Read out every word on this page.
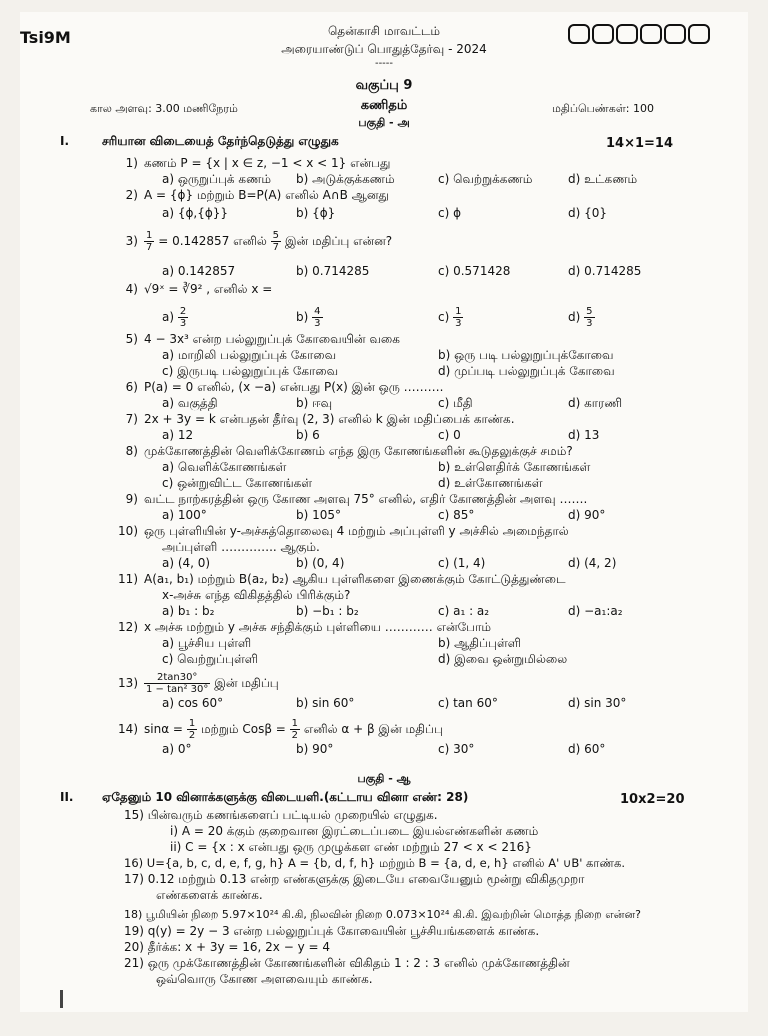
Tsi9M	தென்காசி மாவட்டம்
அரையாண்டுப் பொதுத்தேர்வு - 2024
-----
வகுப்பு 9
கால அளவு: 3.00 மணிநேரம்	கணிதம்	மதிப்பெண்கள்: 100
பகுதி - அ
I.	சரியான விடையைத் தேர்ந்தெடுத்து எழுதுக	14×1=14
1) கணம் P = {x | x ∈ z, −1 < x < 1} என்பது
a) ஒருறுப்புக் கணம் b) அடுக்குக்கணம்	c) வெற்றுக்கணம்	d) உட்கணம்
2) A = {ϕ} மற்றும் B=P(A) எனில் A∩B ஆனது
a) {ϕ,{ϕ}}	b) {ϕ}	c) ϕ	d) {0}
$3) \frac{1}{7} = 0.142857$ எனில் $\frac{5}{7}$ இன் மதிப்பு என்ன?
a) 0.142857	b) 0.714285	c) 0.571428	d) 0.714285
4) √9ˣ = ∛9² , எனில் x =
$a) \frac{2}{3}$	$b) \frac{4}{3}$	$c) \frac{1}{3}$	$d) \frac{5}{3}$
5) 4 − 3x³ என்ற பல்லுறுப்புக் கோவையின் வகை
a) மாறிலி பல்லுறுப்புக் கோவை	b) ஒரு படி பல்லுறுப்புக்கோவை
c) இருபடி பல்லுறுப்புக் கோவை	d) முப்படி பல்லுறுப்புக் கோவை
6) P(a) = 0 எனில், (x −a) என்பது P(x) இன் ஒரு ……….
a) வகுத்தி	b) ஈவு	c) மீதி	d) காரணி
7) 2x + 3y = k என்பதன் தீர்வு (2, 3) எனில் k இன் மதிப்பைக் காண்க.
a) 12	b) 6	c) 0	d) 13
8) முக்கோணத்தின் வெளிக்கோணம் எந்த இரு கோணங்களின் கூடுதலுக்குச் சமம்?
a) வெளிக்கோணங்கள்	b) உள்ளெதிர்க் கோணங்கள்
c) ஒன்றுவிட்ட கோணங்கள்	d) உள்கோணங்கள்
9) வட்ட நாற்கரத்தின் ஒரு கோண அளவு 75° எனில், எதிர் கோணத்தின் அளவு …….
a) 100°	b) 105°	c) 85°	d) 90°
10) ஒரு புள்ளியின் y-அச்சுத்தொலைவு 4 மற்றும் அப்புள்ளி y அச்சில் அமைந்தால்
அப்புள்ளி ………….. ஆகும்.
a) (4, 0)	b) (0, 4)	c) (1, 4)	d) (4, 2)
11) A(a₁, b₁) மற்றும் B(a₂, b₂) ஆகிய புள்ளிகளை இணைக்கும் கோட்டுத்துண்டை
x-அச்சு எந்த விகிதத்தில் பிரிக்கும்?
a) b₁ : b₂	b) −b₁ : b₂	c) a₁ : a₂	d) −a₁:a₂
12) x அச்சு மற்றும் y அச்சு சந்திக்கும் புள்ளியை ………… என்போம்
a) பூச்சிய புள்ளி	b) ஆதிப்புள்ளி
c) வெற்றுப்புள்ளி	d) இவை ஒன்றுமில்லை
$13) \frac{2\tan 30^\circ}{\text{1 − tan² 30°}}$ இன் மதிப்பு
a) cos 60°	b) sin 60°	c) tan 60°	d) sin 30°
14) $\sin\alpha = \frac{1}{2}$ மற்றும் $Cos\beta = \frac{1}{2}$ எனில் α + β இன் மதிப்பு
a) 0°	b) 90°	c) 30°	d) 60°
பகுதி - ஆ
II. ஏதேனும் 10 வினாக்களுக்கு விடையளி.(கட்டாய வினா எண்: 28)	10x2=20
15) பின்வரும் கணங்களைப் பட்டியல் முறையில் எழுதுக.
i) A = 20 க்கும் குறைவான இரட்டைப்படை இயல்எண்களின் கணம்
ii) C = {x : x என்பது ஒரு முழுக்கள எண் மற்றும் 27 < x < 216}
16) U={a, b, c, d, e, f, g, h} A = {b, d, f, h} மற்றும் B = {a, d, e, h} எனில் A' ∪B' காண்க.
17) 0.12 மற்றும் 0.13 என்ற எண்களுக்கு இடையே எவையேனும் மூன்று விகிதமுறா
எண்களைக் காண்க.
18) பூமியின் நிறை 5.97×10²⁴ கி.கி, நிலவின் நிறை 0.073×10²⁴ கி.கி. இவற்றின் மொத்த நிறை என்ன?
19) q(y) = 2y − 3 என்ற பல்லுறுப்புக் கோவையின் பூச்சியங்களைக் காண்க.
20) தீர்க்க: x + 3y = 16, 2x − y = 4
21) ஒரு முக்கோணத்தின் கோணங்களின் விகிதம் 1 : 2 : 3 எனில் முக்கோணத்தின்
ஒவ்வொரு கோண அளவையும் காண்க.
